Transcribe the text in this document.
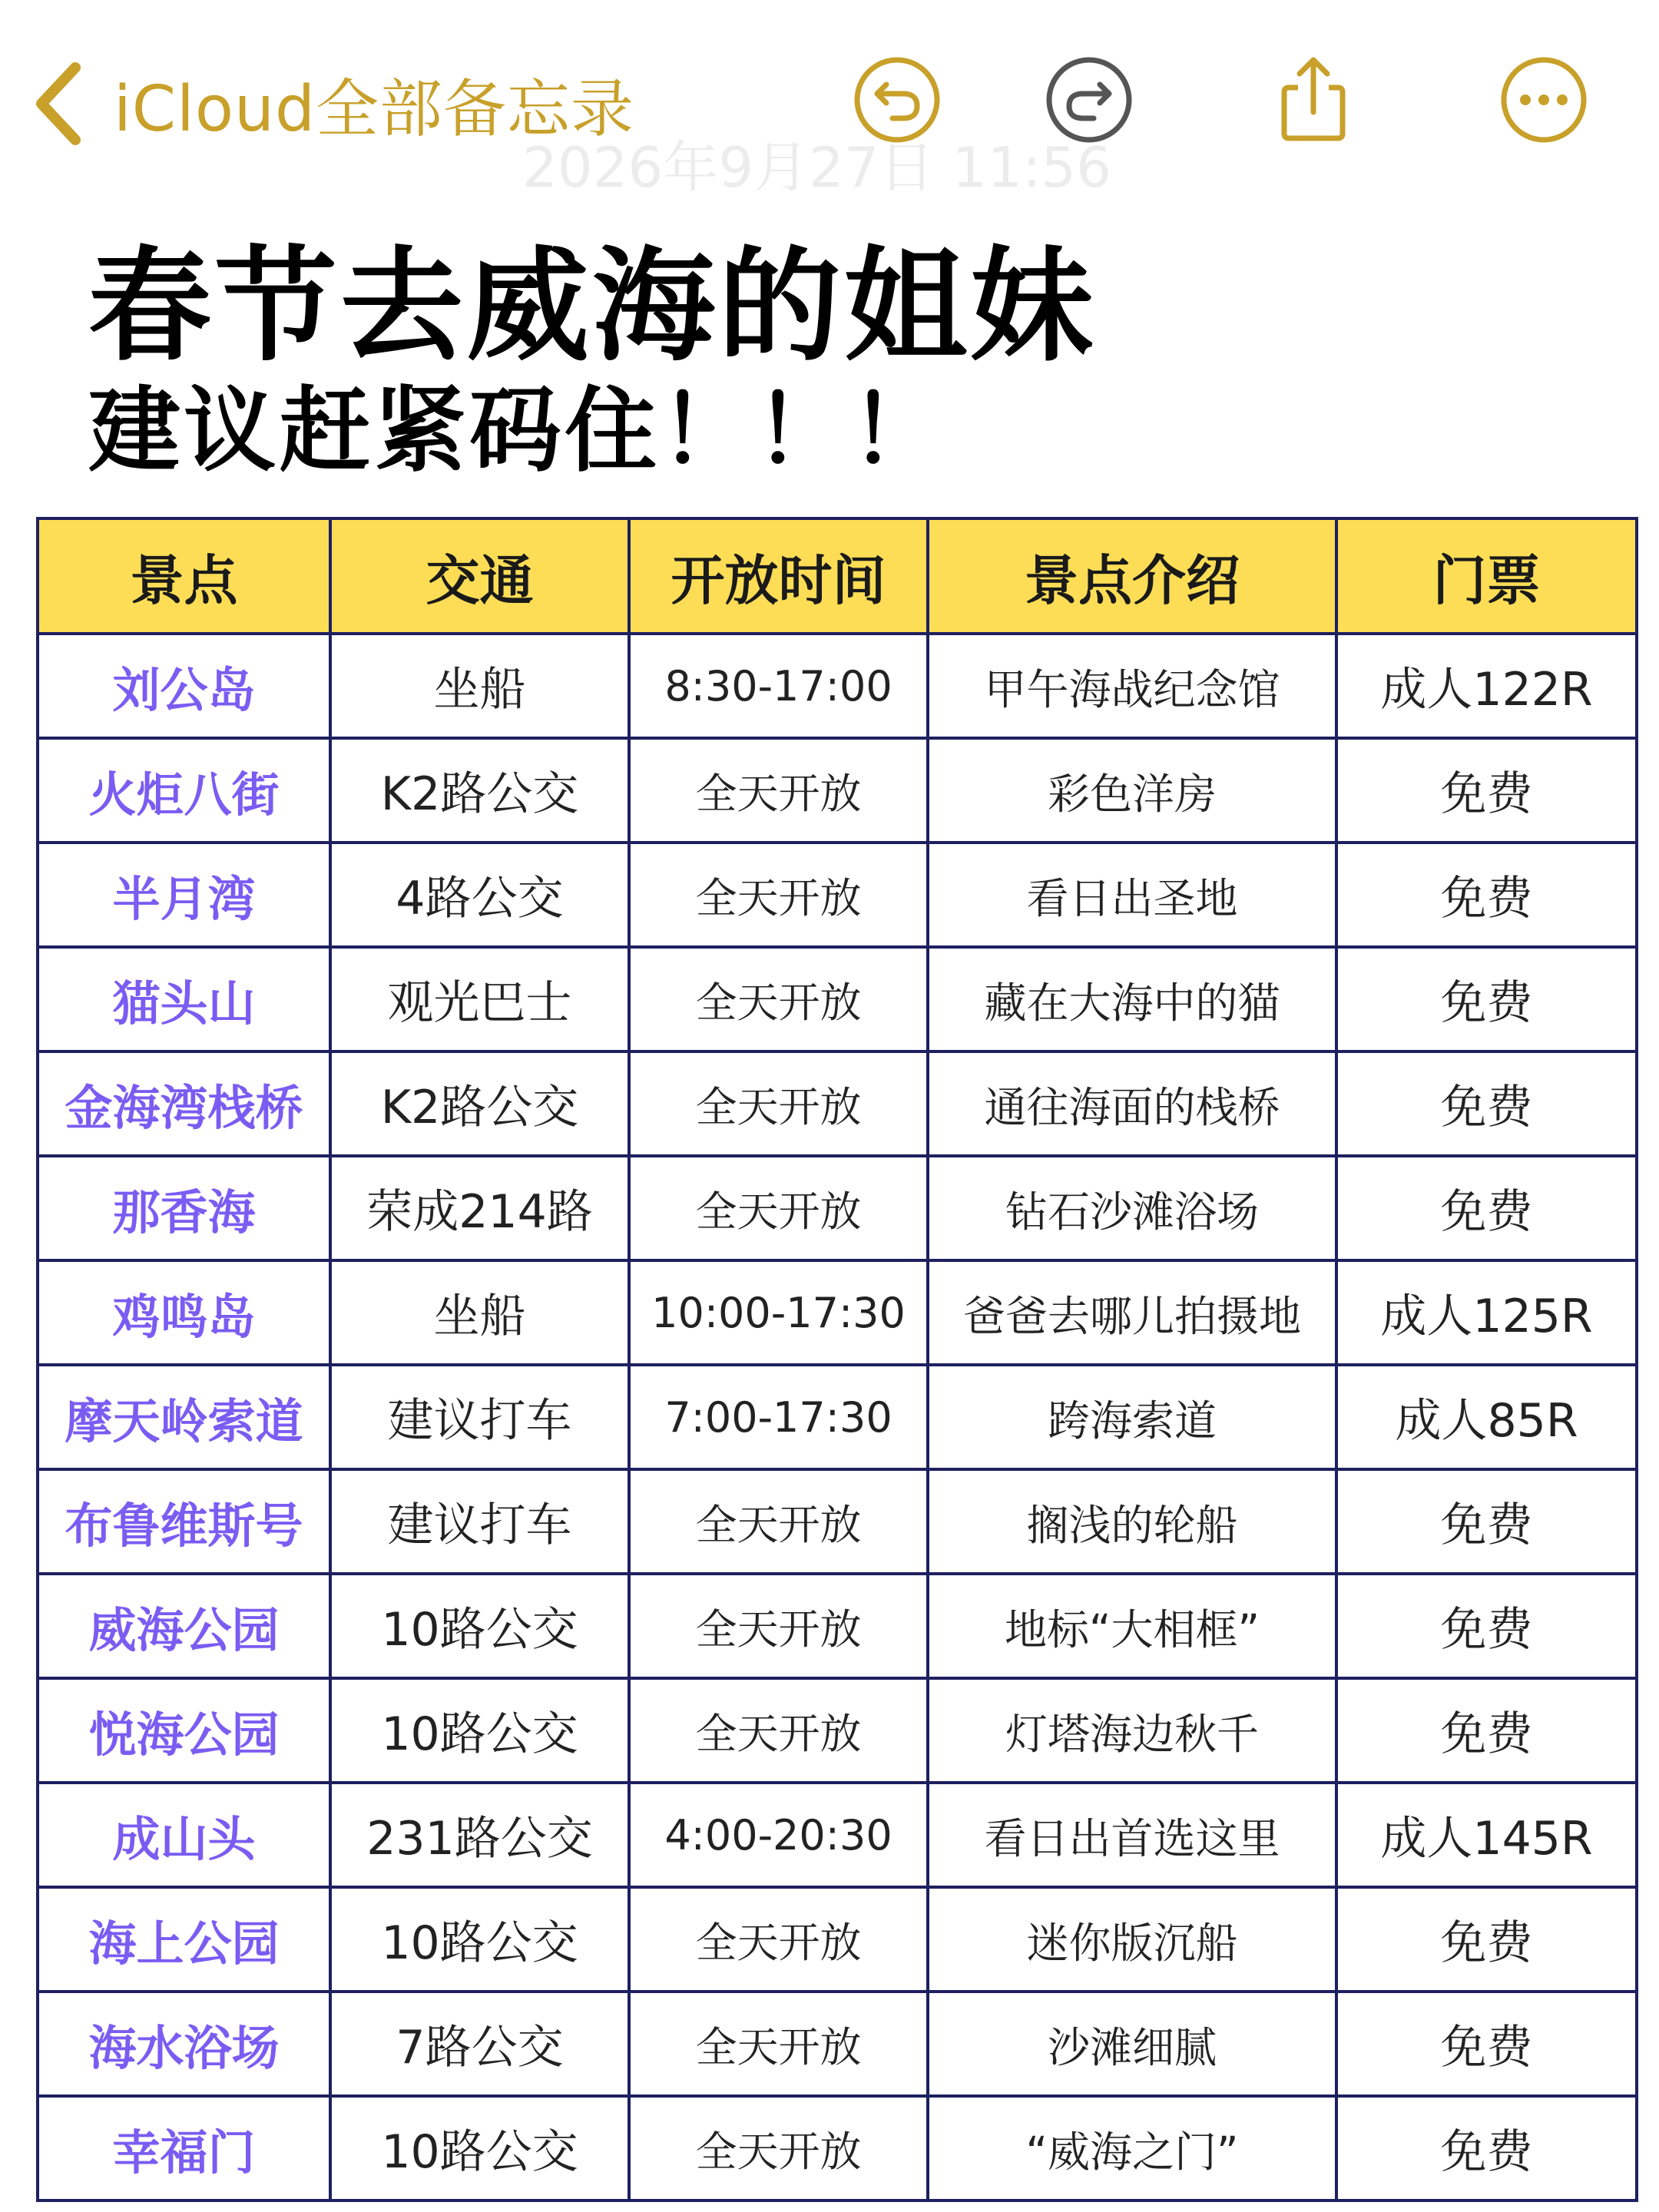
iCloud全部备忘录
2026年9月27日 11:56
春节去威海的姐妹
建议赶紧码住！！！
景点	交通	开放时间	景点介绍	门票
刘公岛	坐船	8:30-17:00	甲午海战纪念馆	成人122R
火炬八街	K2路公交	全天开放	彩色洋房	免费
半月湾	4路公交	全天开放	看日出圣地	免费
猫头山	观光巴士	全天开放	藏在大海中的猫	免费
金海湾栈桥	K2路公交	全天开放	通往海面的栈桥	免费
那香海	荣成214路	全天开放	钻石沙滩浴场	免费
鸡鸣岛	坐船	10:00-17:30	爸爸去哪儿拍摄地	成人125R
摩天岭索道	建议打车	7:00-17:30	跨海索道	成人85R
布鲁维斯号	建议打车	全天开放	搁浅的轮船	免费
威海公园	10路公交	全天开放	地标“大相框”	免费
悦海公园	10路公交	全天开放	灯塔海边秋千	免费
成山头	231路公交	4:00-20:30	看日出首选这里	成人145R
海上公园	10路公交	全天开放	迷你版沉船	免费
海水浴场	7路公交	全天开放	沙滩细腻	免费
幸福门	10路公交	全天开放	“威海之门”	免费
